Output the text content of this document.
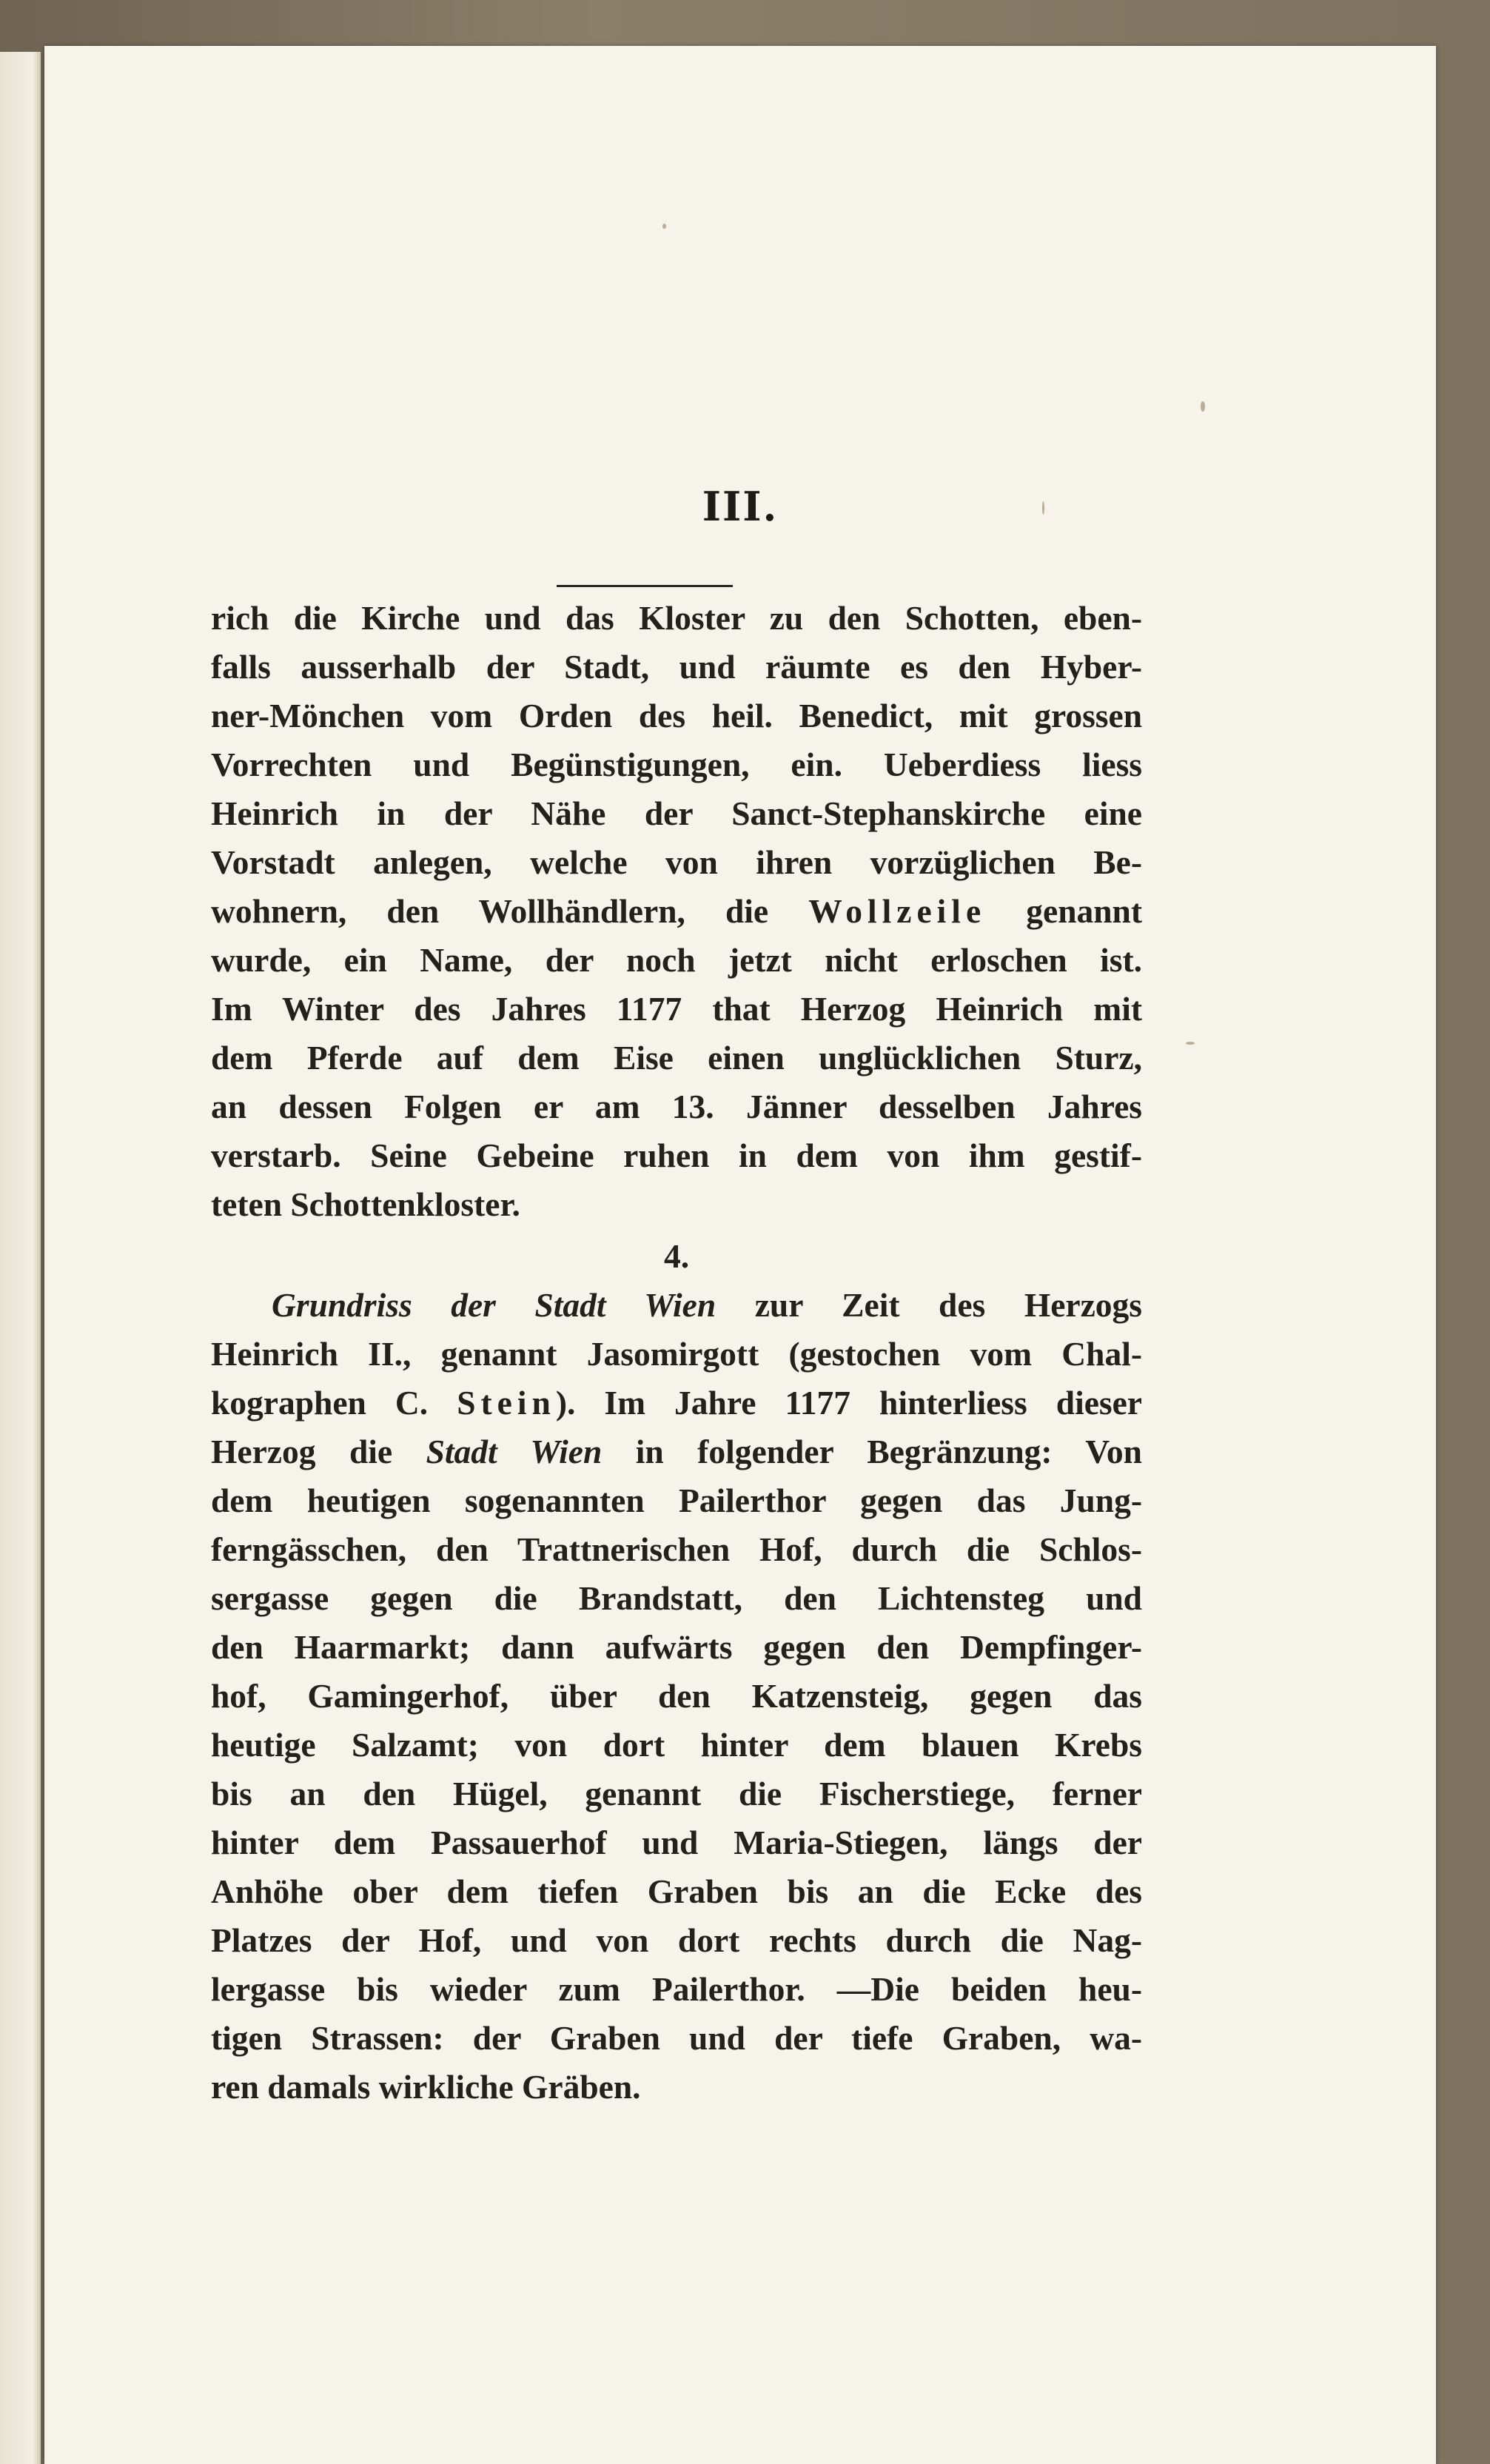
III.
rich die Kirche und das Kloster zu den Schotten, eben-
falls ausserhalb der Stadt, und räumte es den Hyber-
ner-Mönchen vom Orden des heil. Benedict, mit grossen
Vorrechten und Begünstigungen, ein. Ueberdiess liess
Heinrich in der Nähe der Sanct-Stephanskirche eine
Vorstadt anlegen, welche von ihren vorzüglichen Be-
wohnern, den Wollhändlern, die Wollzeile genannt
wurde, ein Name, der noch jetzt nicht erloschen ist.
Im Winter des Jahres 1177 that Herzog Heinrich mit
dem Pferde auf dem Eise einen unglücklichen Sturz,
an dessen Folgen er am 13. Jänner desselben Jahres
verstarb. Seine Gebeine ruhen in dem von ihm gestif-
teten Schottenkloster.
4.
Grundriss der Stadt Wien zur Zeit des Herzogs
Heinrich II., genannt Jasomirgott (gestochen vom Chal-
kographen C. Stein). Im Jahre 1177 hinterliess dieser
Herzog die Stadt Wien in folgender Begränzung: Von
dem heutigen sogenannten Pailerthor gegen das Jung-
ferngässchen, den Trattnerischen Hof, durch die Schlos-
sergasse gegen die Brandstatt, den Lichtensteg und
den Haarmarkt; dann aufwärts gegen den Dempfinger-
hof, Gamingerhof, über den Katzensteig, gegen das
heutige Salzamt; von dort hinter dem blauen Krebs
bis an den Hügel, genannt die Fischerstiege, ferner
hinter dem Passauerhof und Maria-Stiegen, längs der
Anhöhe ober dem tiefen Graben bis an die Ecke des
Platzes der Hof, und von dort rechts durch die Nag-
lergasse bis wieder zum Pailerthor. —Die beiden heu-
tigen Strassen: der Graben und der tiefe Graben, wa-
ren damals wirkliche Gräben.
